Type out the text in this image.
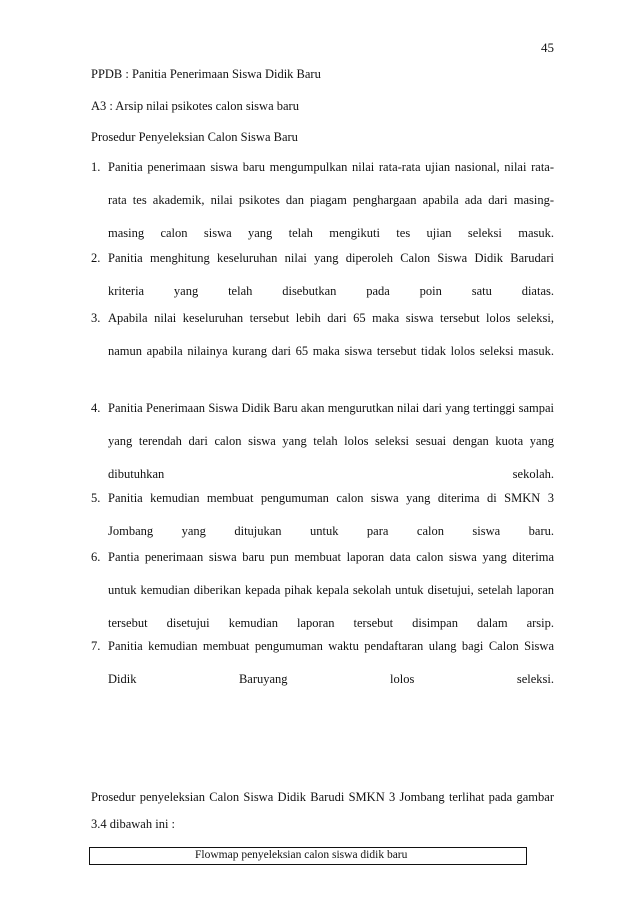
45
PPDB : Panitia Penerimaan Siswa Didik Baru
A3 : Arsip nilai psikotes calon siswa baru
Prosedur Penyeleksian Calon Siswa Baru
1. Panitia penerimaan siswa baru mengumpulkan nilai rata-rata ujian nasional, nilai rata-rata tes akademik, nilai psikotes dan piagam penghargaan apabila ada dari masing-masing calon siswa yang telah mengikuti tes ujian seleksi masuk.
2. Panitia menghitung keseluruhan nilai yang diperoleh Calon Siswa Didik Barudari kriteria yang telah disebutkan pada poin satu diatas.
3. Apabila nilai keseluruhan tersebut lebih dari 65 maka siswa tersebut lolos seleksi, namun apabila nilainya kurang dari 65 maka siswa tersebut tidak lolos seleksi masuk.
4. Panitia Penerimaan Siswa Didik Baru akan mengurutkan nilai dari yang tertinggi sampai yang terendah dari calon siswa yang telah lolos seleksi sesuai dengan kuota yang dibutuhkan sekolah.
5. Panitia kemudian membuat pengumuman calon siswa yang diterima di SMKN 3 Jombang yang ditujukan untuk para calon siswa baru.
6. Pantia penerimaan siswa baru pun membuat laporan data calon siswa yang diterima untuk kemudian diberikan kepada pihak kepala sekolah untuk disetujui, setelah laporan tersebut disetujui kemudian laporan tersebut disimpan dalam arsip.
7. Panitia kemudian membuat pengumuman waktu pendaftaran ulang bagi Calon Siswa Didik Baruyang lolos seleksi.
Prosedur penyeleksian Calon Siswa Didik Barudi SMKN 3 Jombang terlihat pada gambar 3.4 dibawah ini :
Flowmap penyeleksian calon siswa didik baru
